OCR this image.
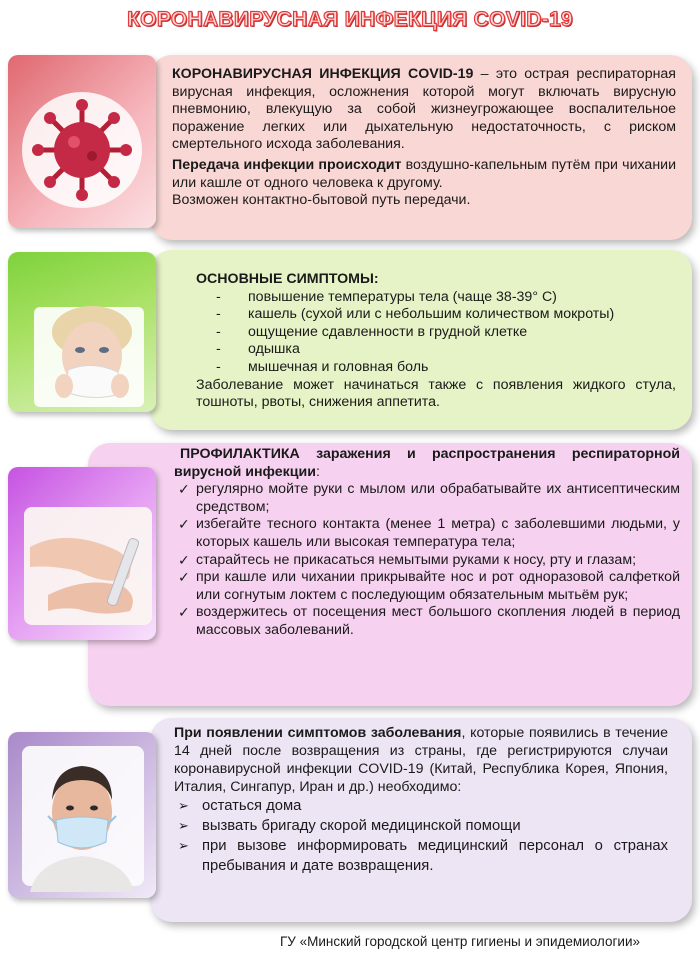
КОРОНАВИРУСНАЯ ИНФЕКЦИЯ COVID-19

КОРОНАВИРУСНАЯ ИНФЕКЦИЯ COVID-19 – это острая респираторная вирусная инфекция, осложнения которой могут включать вирусную пневмонию, влекущую за собой жизнеугрожающее воспалительное поражение легких или дыхательную недостаточность, с риском смертельного исхода заболевания.

Передача инфекции происходит воздушно-капельным путём при чихании или кашле от одного человека к другому.

Возможен контактно-бытовой путь передачи.

ОСНОВНЫЕ СИМПТОМЫ:

- повышение температуры тела (чаще 38-39° С)
- кашель (сухой или с небольшим количеством мокроты)
- ощущение сдавленности в грудной клетке
- одышка
- мышечная и головная боль

Заболевание может начинаться также с появления жидкого стула, тошноты, рвоты, снижения аппетита.

ПРОФИЛАКТИКА заражения и распространения респираторной вирусной инфекции:

✓ регулярно мойте руки с мылом или обрабатывайте их антисептическим средством;
✓ избегайте тесного контакта (менее 1 метра) с заболевшими людьми, у которых кашель или высокая температура тела;
✓ старайтесь не прикасаться немытыми руками к носу, рту и глазам;
✓ при кашле или чихании прикрывайте нос и рот одноразовой салфеткой или согнутым локтем с последующим обязательным мытьём рук;
✓ воздержитесь от посещения мест большого скопления людей в период массовых заболеваний.

При появлении симптомов заболевания, которые появились в течение 14 дней после возвращения из страны, где регистрируются случаи коронавирусной инфекции COVID-19 (Китай, Республика Корея, Япония, Италия, Сингапур, Иран и др.) необходимо:

➢ остаться дома
➢ вызвать бригаду скорой медицинской помощи
➢ при вызове информировать медицинский персонал о странах пребывания и дате возвращения.
ГУ «Минский городской центр гигиены и эпидемиологии»
